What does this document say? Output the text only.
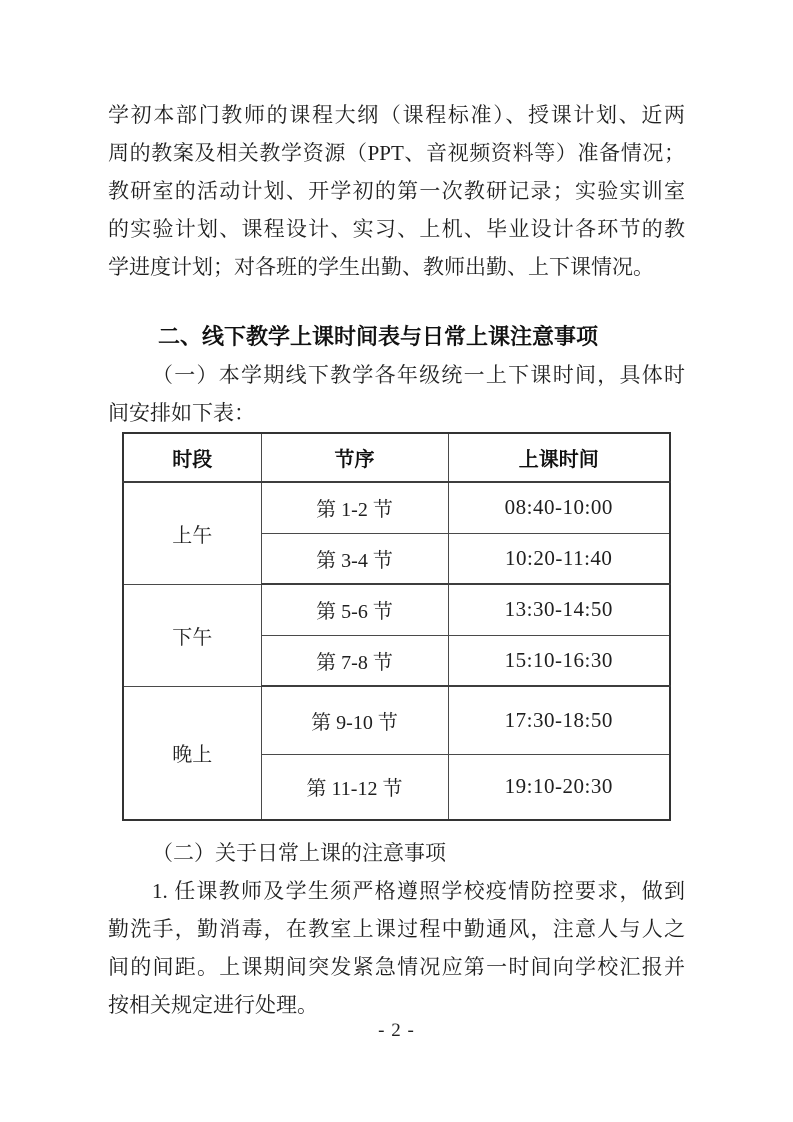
学初本部门教师的课程大纲（课程标准）、授课计划、近两
周的教案及相关教学资源（PPT、音视频资料等）准备情况；
教研室的活动计划、开学初的第一次教研记录；实验实训室
的实验计划、课程设计、实习、上机、毕业设计各环节的教
学进度计划；对各班的学生出勤、教师出勤、上下课情况。
二、线下教学上课时间表与日常上课注意事项
（一）本学期线下教学各年级统一上下课时间，具体时
间安排如下表：
时段	节序	上课时间
上午	第 1-2 节	08:40-10:00
	第 3-4 节	10:20-11:40
下午	第 5-6 节	13:30-14:50
	第 7-8 节	15:10-16:30
晚上	第 9-10 节	17:30-18:50
	第 11-12 节	19:10-20:30
（二）关于日常上课的注意事项
1. 任课教师及学生须严格遵照学校疫情防控要求，做到
勤洗手，勤消毒，在教室上课过程中勤通风，注意人与人之
间的间距。上课期间突发紧急情况应第一时间向学校汇报并
按相关规定进行处理。
- 2 -
